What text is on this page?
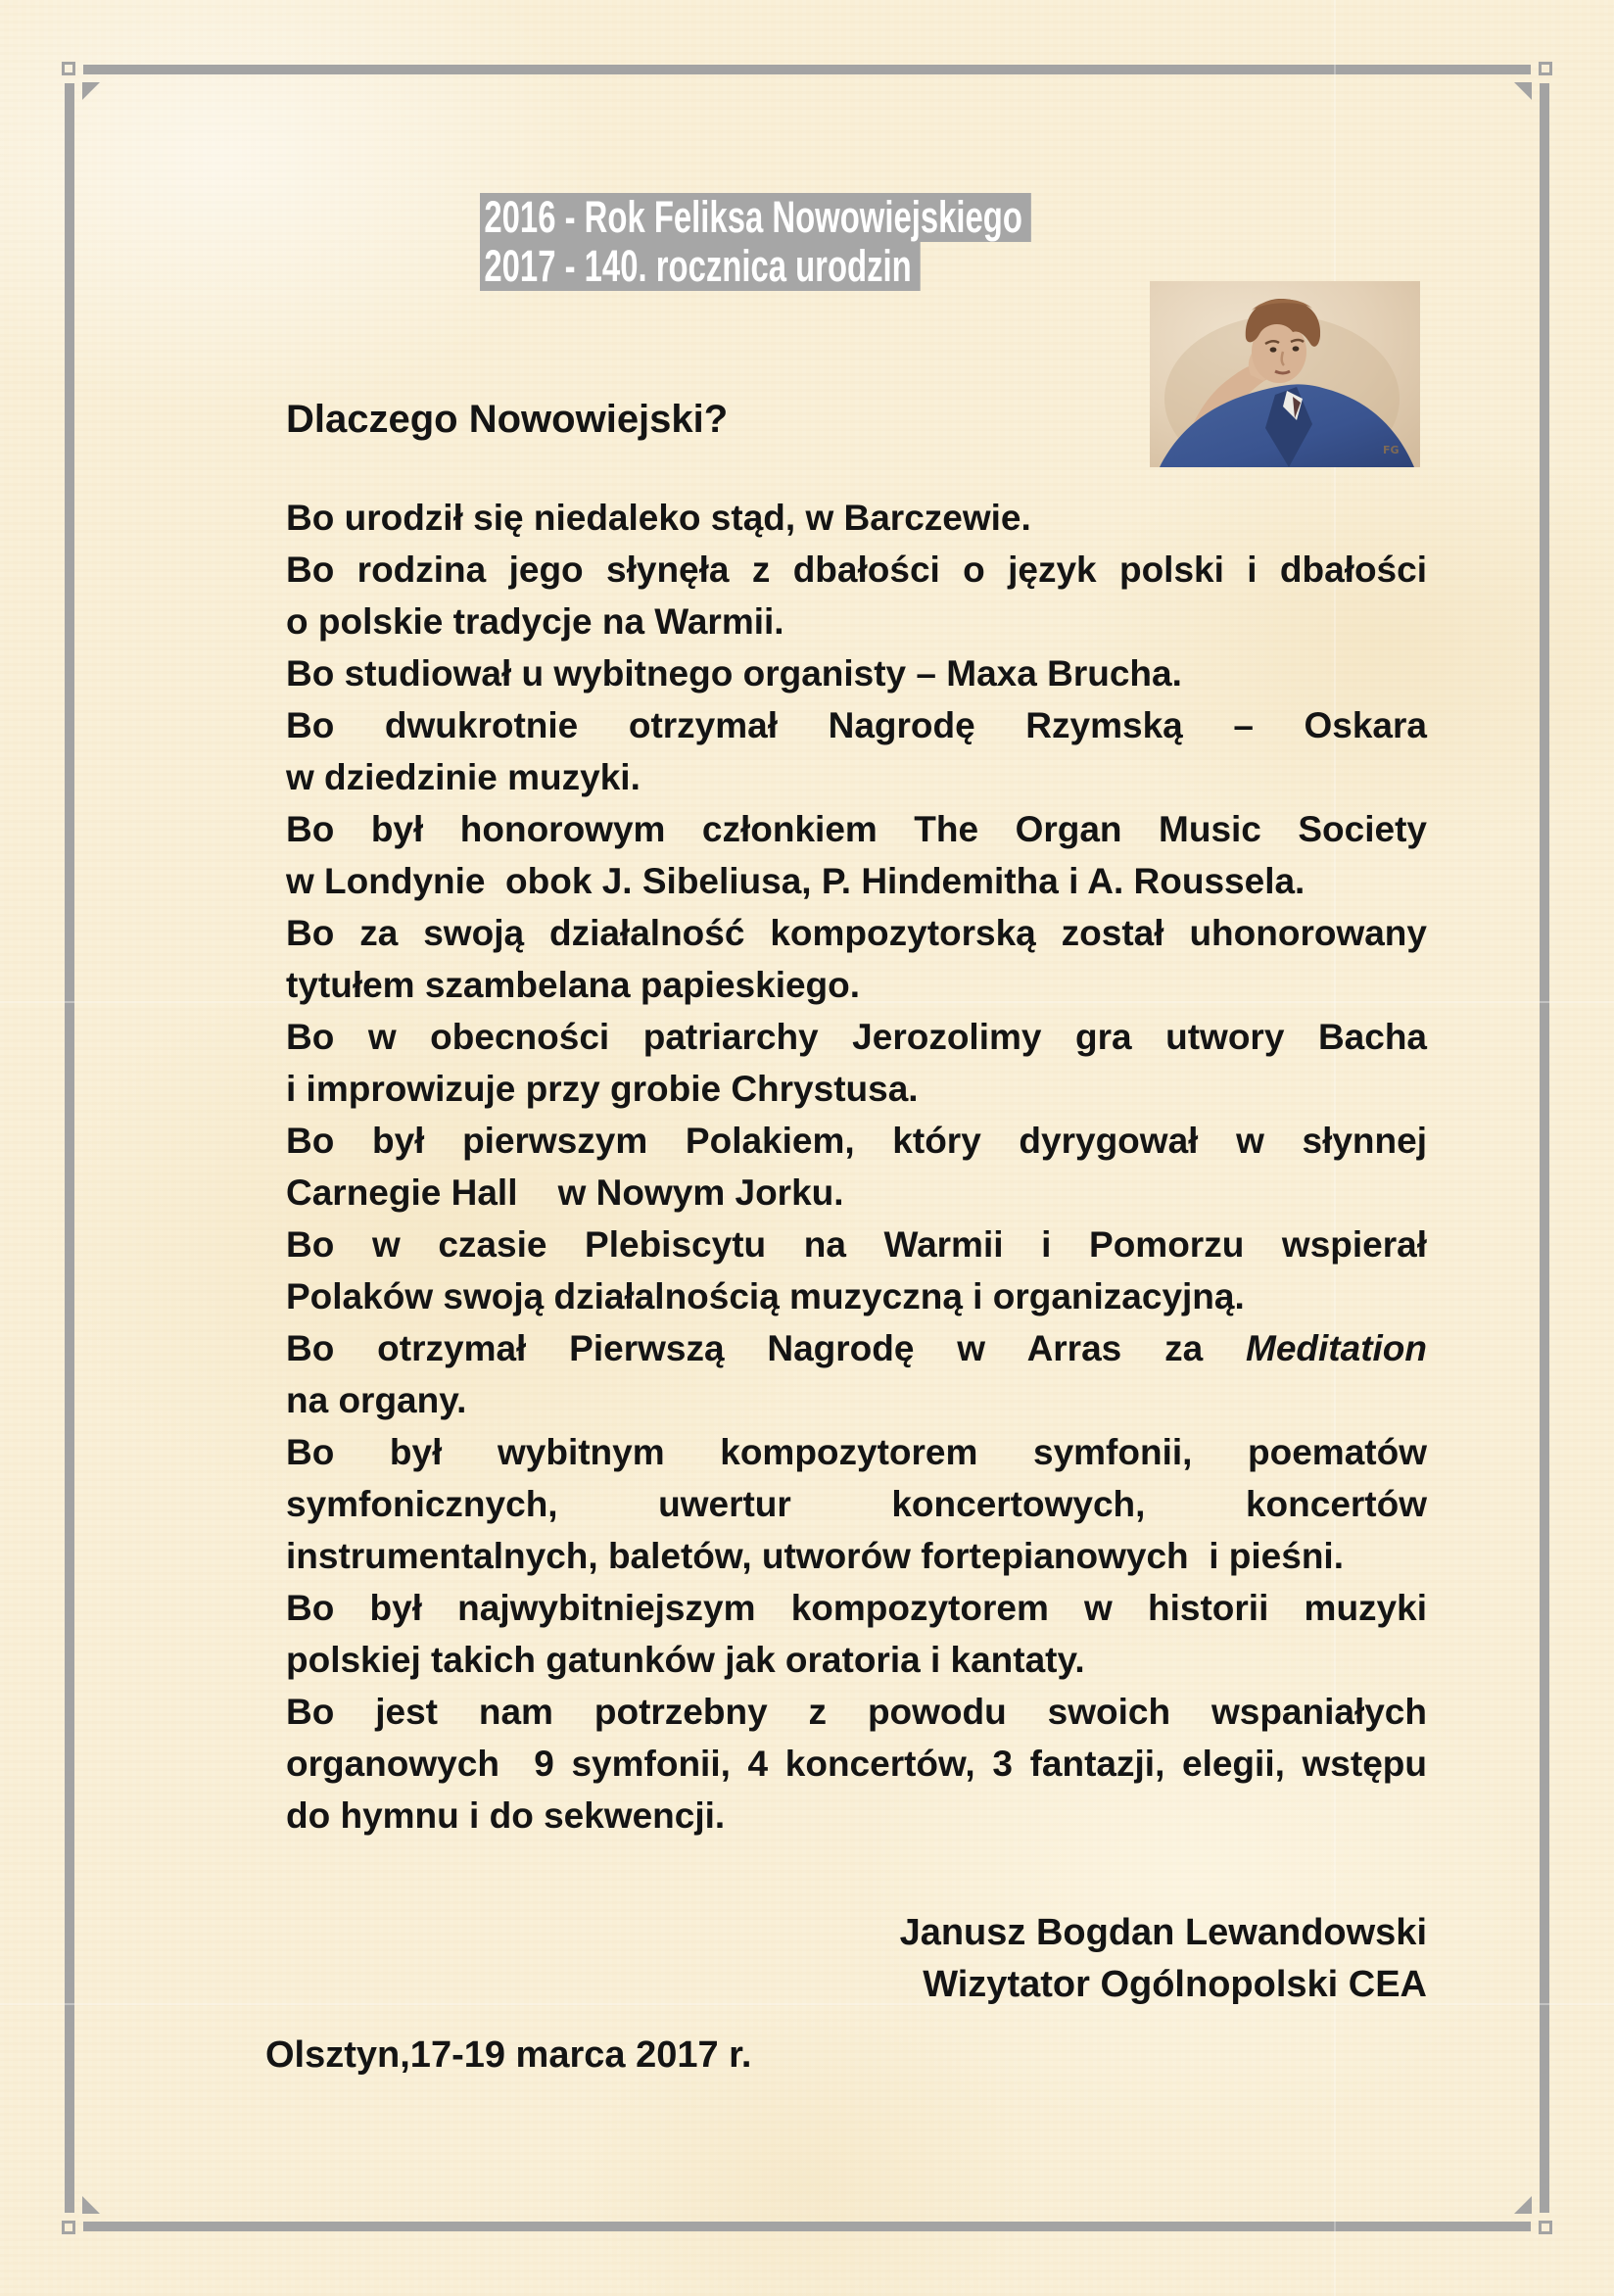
2016 - Rok Feliksa Nowowiejskiego
2017 - 140. rocznica urodzin
FG
Dlaczego Nowowiejski?
Bo urodził się niedaleko stąd, w Barczewie.
Bo rodzina jego słynęła z dbałości o język polski i dbałości
o polskie tradycje na Warmii.
Bo studiował u wybitnego organisty – Maxa Brucha.
Bo dwukrotnie otrzymał Nagrodę Rzymską – Oskara
w dziedzinie muzyki.
Bo był honorowym członkiem The Organ Music Society
w Londynie  obok J. Sibeliusa, P. Hindemitha i A. Roussela.
Bo za swoją działalność kompozytorską został uhonorowany
tytułem szambelana papieskiego.
Bo w obecności patriarchy Jerozolimy gra utwory Bacha
i improwizuje przy grobie Chrystusa.
Bo był pierwszym Polakiem, który dyrygował w słynnej
Carnegie Hall    w Nowym Jorku.
Bo w czasie Plebiscytu na Warmii i Pomorzu wspierał
Polaków swoją działalnością muzyczną i organizacyjną.
Bo otrzymał Pierwszą Nagrodę w Arras za Meditation
na organy.
Bo był wybitnym kompozytorem symfonii, poematów
symfonicznych, uwertur koncertowych, koncertów
instrumentalnych, baletów, utworów fortepianowych  i pieśni.
Bo był najwybitniejszym kompozytorem w historii muzyki
polskiej takich gatunków jak oratoria i kantaty.
Bo jest nam potrzebny z powodu swoich wspaniałych
organowych  9 symfonii, 4 koncertów, 3 fantazji, elegii, wstępu
do hymnu i do sekwencji.
Janusz Bogdan Lewandowski
Wizytator Ogólnopolski CEA
Olsztyn,17-19 marca 2017 r.
